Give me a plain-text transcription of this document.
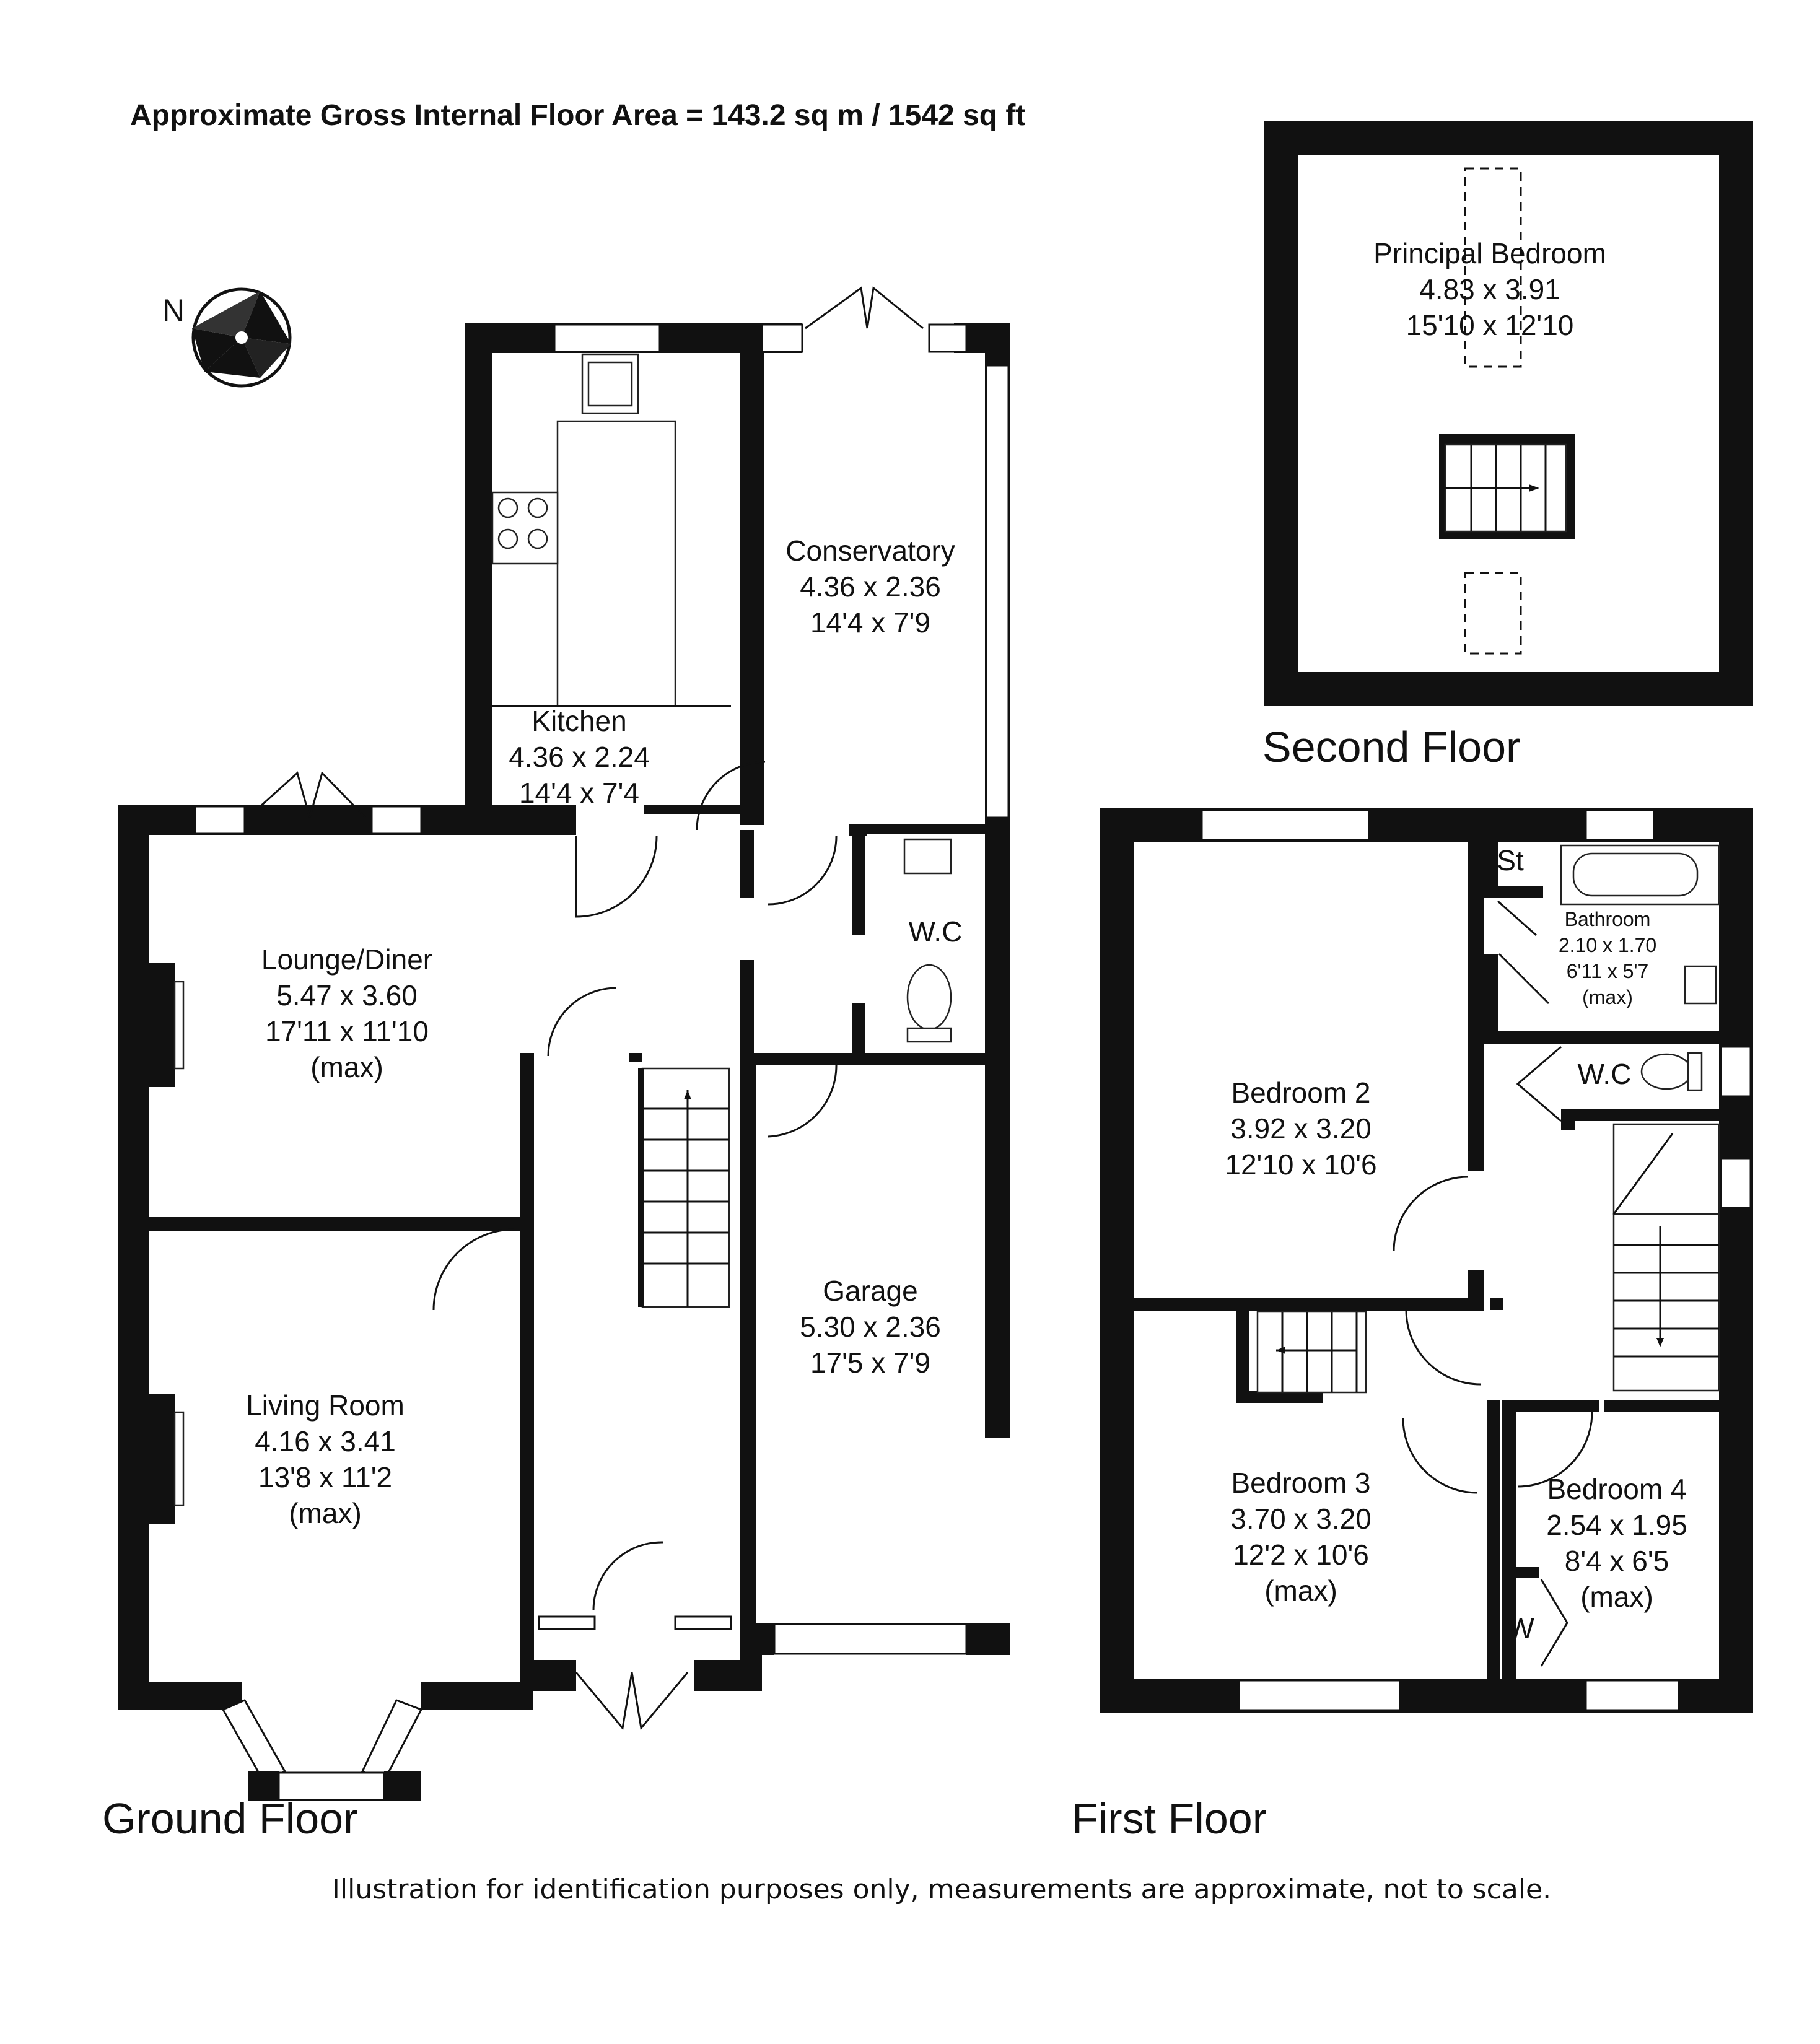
Approximate Gross Internal Floor Area = 143.2 sq m / 1542 sq ft
N
Kitchen
4.36 x 2.24
14'4 x 7'4
Conservatory
4.36 x 2.36
14'4 x 7'9
Lounge/Diner
5.47 x 3.60
17'11 x 11'10
(max)
W.C
Living Room
4.16 x 3.41
13'8 x 11'2
(max)
Garage
5.30 x 2.36
17'5 x 7'9
Ground Floor
Principal Bedroom
4.83 x 3.91
15'10 x 12'10
Second Floor
Bedroom 2
3.92 x 3.20
12'10 x 10'6
St
Bathroom
2.10 x 1.70
6'11 x 5'7
(max)
W.C
Bedroom 3
3.70 x 3.20
12'2 x 10'6
(max)
Bedroom 4
2.54 x 1.95
8'4 x 6'5
(max)
W
First Floor
Illustration for identification purposes only, measurements are approximate, not to scale.
